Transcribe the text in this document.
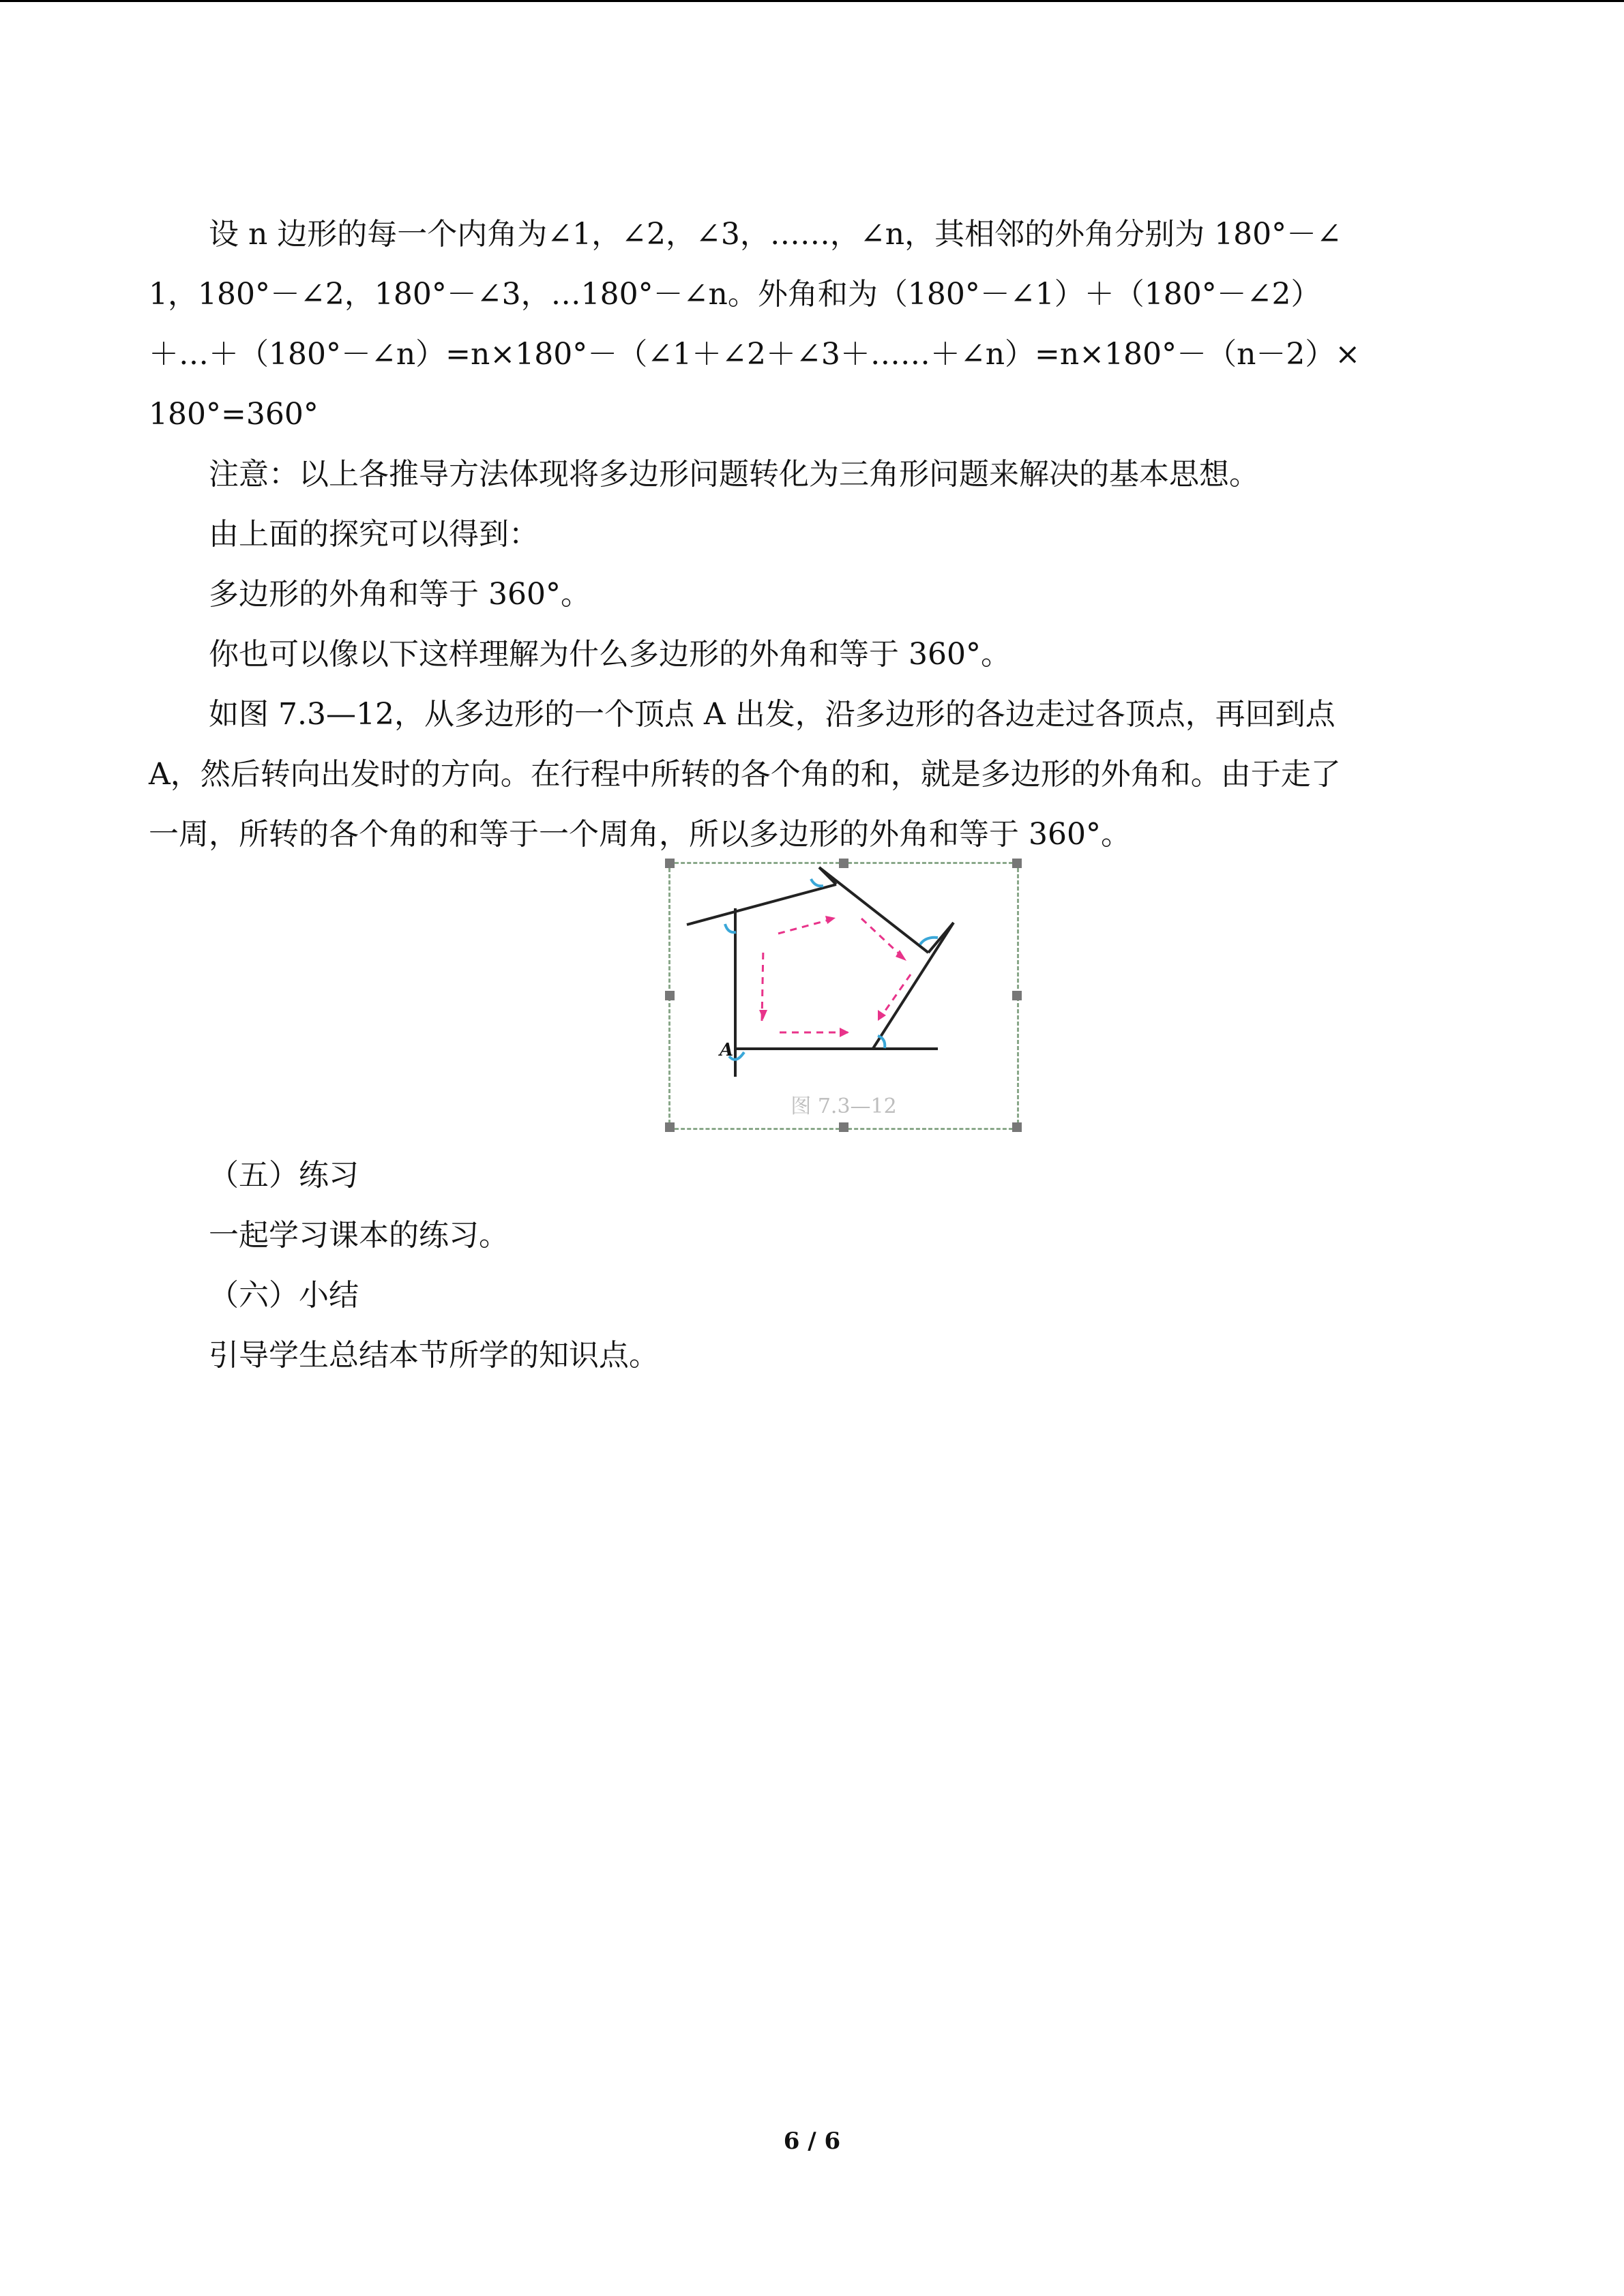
设 n 边形的每一个内角为∠1，∠2，∠3，……，∠n，其相邻的外角分别为 180°－∠
1，180°－∠2，180°－∠3，…180°－∠n。外角和为（180°－∠1）＋（180°－∠2）
＋…＋（180°－∠n）=n×180°－（∠1＋∠2＋∠3＋……＋∠n）=n×180°－（n－2）×
180°=360°

注意：以上各推导方法体现将多边形问题转化为三角形问题来解决的基本思想。

由上面的探究可以得到：

多边形的外角和等于 360°。

你也可以像以下这样理解为什么多边形的外角和等于 360°。

如图 7.3—12，从多边形的一个顶点 A 出发，沿多边形的各边走过各顶点，再回到点
A，然后转向出发时的方向。在行程中所转的各个角的和，就是多边形的外角和。由于走了
一周，所转的各个角的和等于一个周角，所以多边形的外角和等于 360°。
A
图 7.3—12

（五）练习

一起学习课本的练习。

（六）小结

引导学生总结本节所学的知识点。

6 / 6
